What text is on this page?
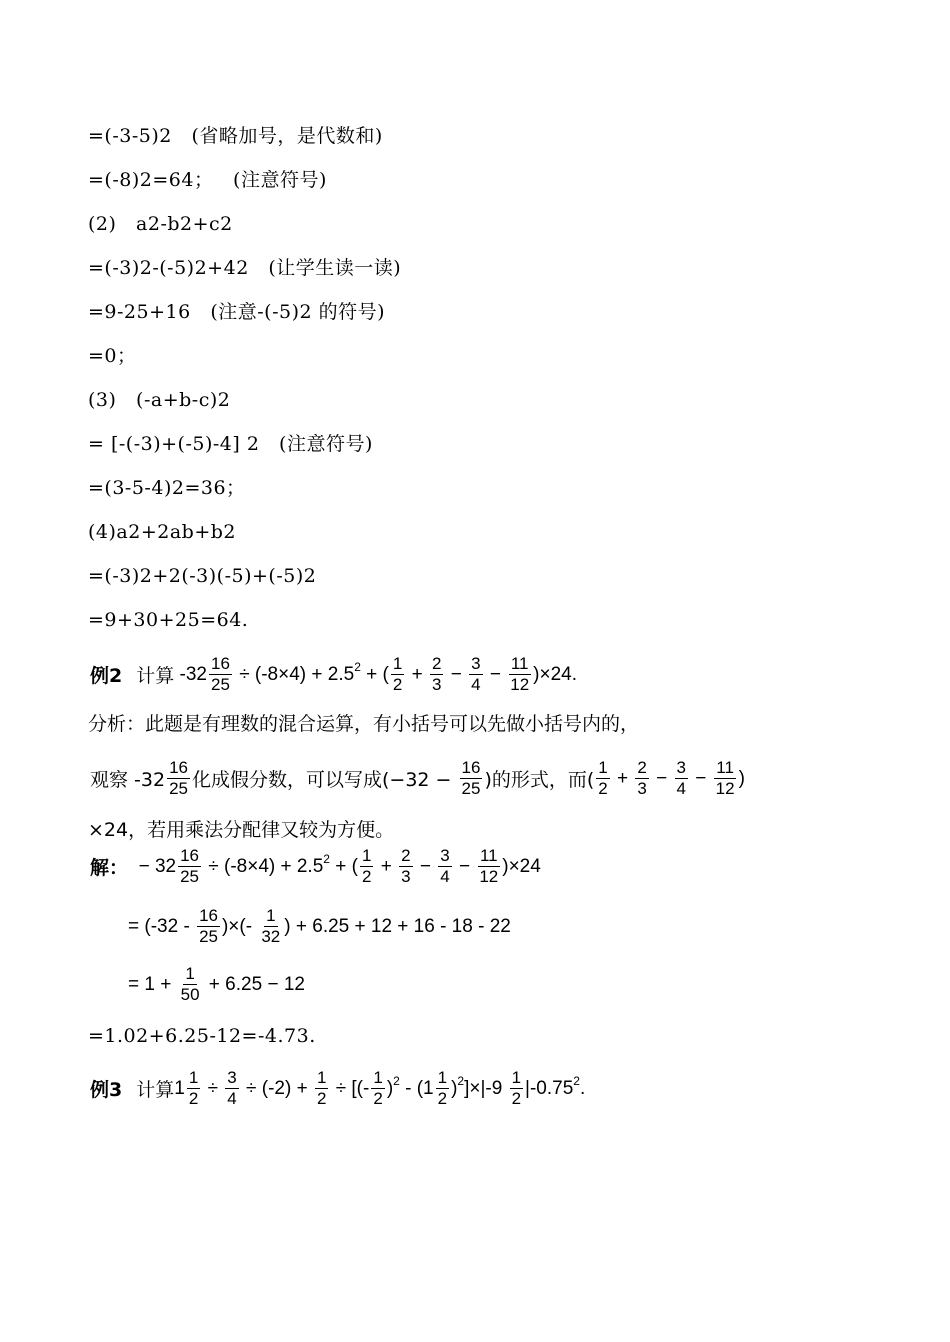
=(-3-5)2   (省略加号，是代数和)
=(-8)2=64；   (注意符号)
(2)   a2-b2+c2
=(-3)2-(-5)2+42   (让学生读一读)
=9-25+16   (注意-(-5)2 的符号)
=0；
(3)   (-a+b-c)2
= [-(-3)+(-5)-4] 2   (注意符号)
=(3-5-4)2=36；
(4)a2+2ab+b2
=(-3)2+2(-3)(-5)+(-5)2
=9+30+25=64.
例2 计算 $-32 \frac{16}{25} \div (-8\times 4) + 2.5$ 2 + ( $\frac{1}{2} + \frac{2}{3} - \frac{3}{4} - \frac{11}{12} )\times 24$.
分析：此题是有理数的混合运算，有小括号可以先做小括号内的，
观察 $-32 \frac{16}{25}$ 化成假分数，可以写成($-32 - \frac{16}{25}$ )的形式，而( $\frac{1}{2} + \frac{2}{3} - \frac{3}{4} - \frac{11}{12}$ )
×24，若用乘法分配律又较为方便。
解： − $32 \frac{16}{25} \div (-8\times 4) + 2.5$ 2 + ( $\frac{1}{2} + \frac{2}{3} - \frac{3}{4} - \frac{11}{12} )\times 24$
= ($-32 - \frac{16}{25}$ )×(- $\frac{1}{32}$ ) + 6.25 + 12 + 16 - 18 - 22
= $1 + \frac{1}{50} + 6.25 - 12$
=1.02+6.25-12=-4.73.
例3 计算 $1 \frac{1}{2} \div \frac{3}{4} \div (-2) + \frac{1}{2}$ ÷ [(- $\frac{1}{2}$ ) $2 - (1 \frac{1}{2}$ ) 2 ]$\times|-9 \frac{1}{2} |-0.75$ 2 .
